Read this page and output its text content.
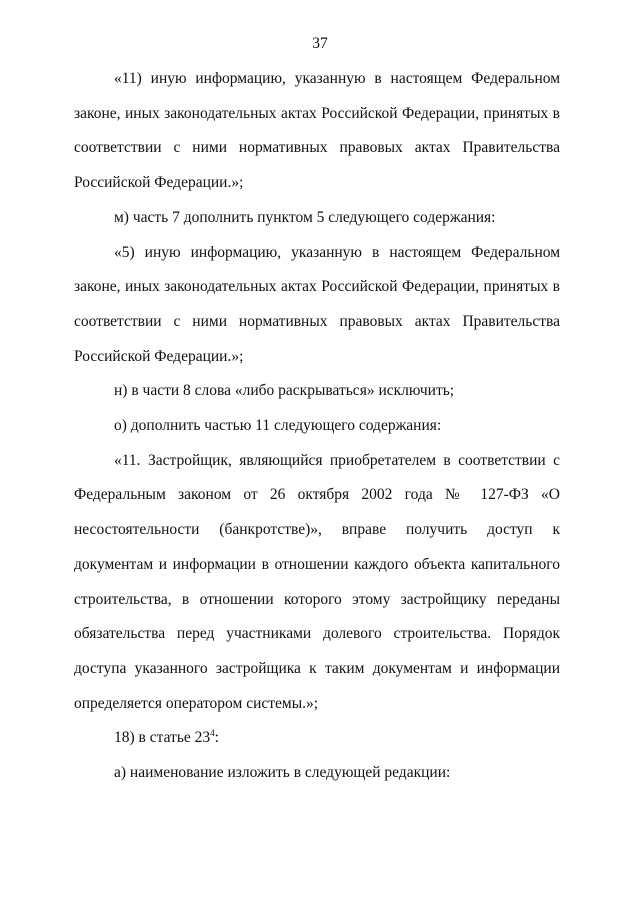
37

«11) иную информацию, указанную в настоящем Федеральном законе, иных законодательных актах Российской Федерации, принятых в соответствии с ними нормативных правовых актах Правительства Российской Федерации.»;

м) часть 7 дополнить пунктом 5 следующего содержания:

«5) иную информацию, указанную в настоящем Федеральном законе, иных законодательных актах Российской Федерации, принятых в соответствии с ними нормативных правовых актах Правительства Российской Федерации.»;

н) в части 8 слова «либо раскрываться» исключить;

о) дополнить частью 11 следующего содержания:

«11. Застройщик, являющийся приобретателем в соответствии с Федеральным законом от 26 октября 2002 года № 127-ФЗ «О несостоятельности (банкротстве)», вправе получить доступ к документам и информации в отношении каждого объекта капитального строительства, в отношении которого этому застройщику переданы обязательства перед участниками долевого строительства. Порядок доступа указанного застройщика к таким документам и информации определяется оператором системы.»;

18) в статье $23^4$:

а) наименование изложить в следующей редакции:
